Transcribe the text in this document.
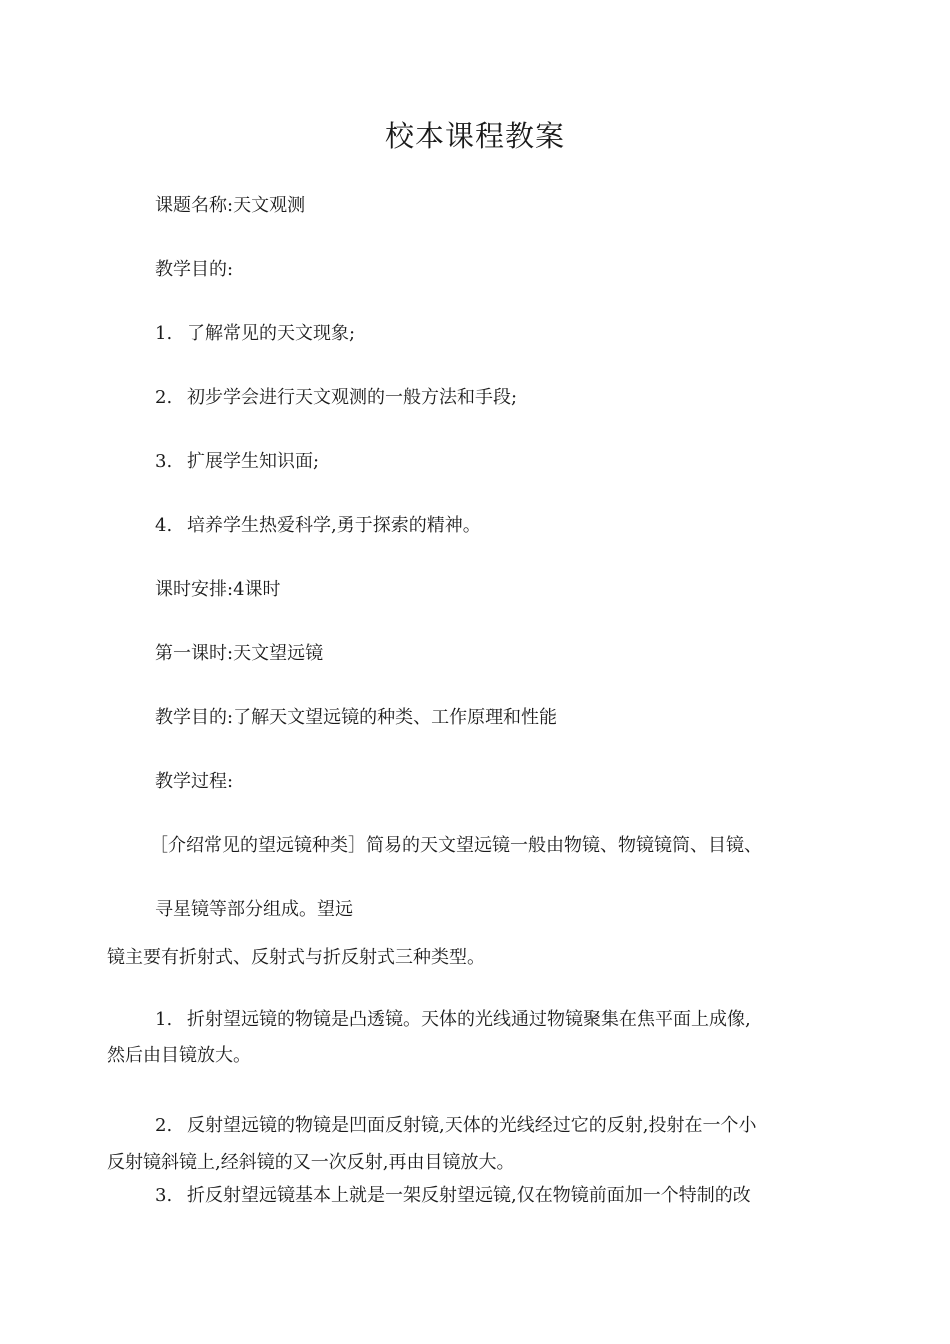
校本课程教案
课题名称:天文观测
教学目的:
1. 了解常见的天文现象;
2. 初步学会进行天文观测的一般方法和手段;
3. 扩展学生知识面;
4. 培养学生热爱科学,勇于探索的精神。
课时安排:4课时
第一课时:天文望远镜
教学目的:了解天文望远镜的种类、工作原理和性能
教学过程:
［介绍常见的望远镜种类］简易的天文望远镜一般由物镜、物镜镜筒、目镜、
寻星镜等部分组成。望远
镜主要有折射式、反射式与折反射式三种类型。
1. 折射望远镜的物镜是凸透镜。天体的光线通过物镜聚集在焦平面上成像,
然后由目镜放大。
2. 反射望远镜的物镜是凹面反射镜,天体的光线经过它的反射,投射在一个小
反射镜斜镜上,经斜镜的又一次反射,再由目镜放大。
3. 折反射望远镜基本上就是一架反射望远镜,仅在物镜前面加一个特制的改
